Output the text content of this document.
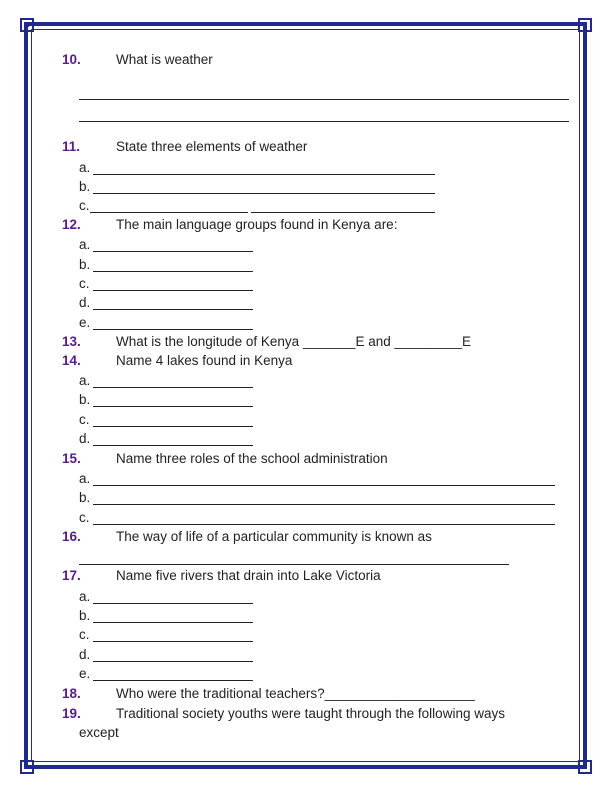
10.	What is weather
11.	State three elements of weather
a.
b.
c.
12.	The main language groups found in Kenya are:
a.
b.
c.
d.
e.
13.	What is the longitude of Kenya _______E and _________E
14.	Name 4 lakes found in Kenya
a.
b.
c.
d.
15.	Name three roles of the school administration
a.
b.
c.
16.	The way of life of a particular community is known as
17.	Name five rivers that drain into Lake Victoria
a.
b.
c.
d.
e.
18.	Who were the traditional teachers?____________________
19.	Traditional society youths were taught through the following ways
except
